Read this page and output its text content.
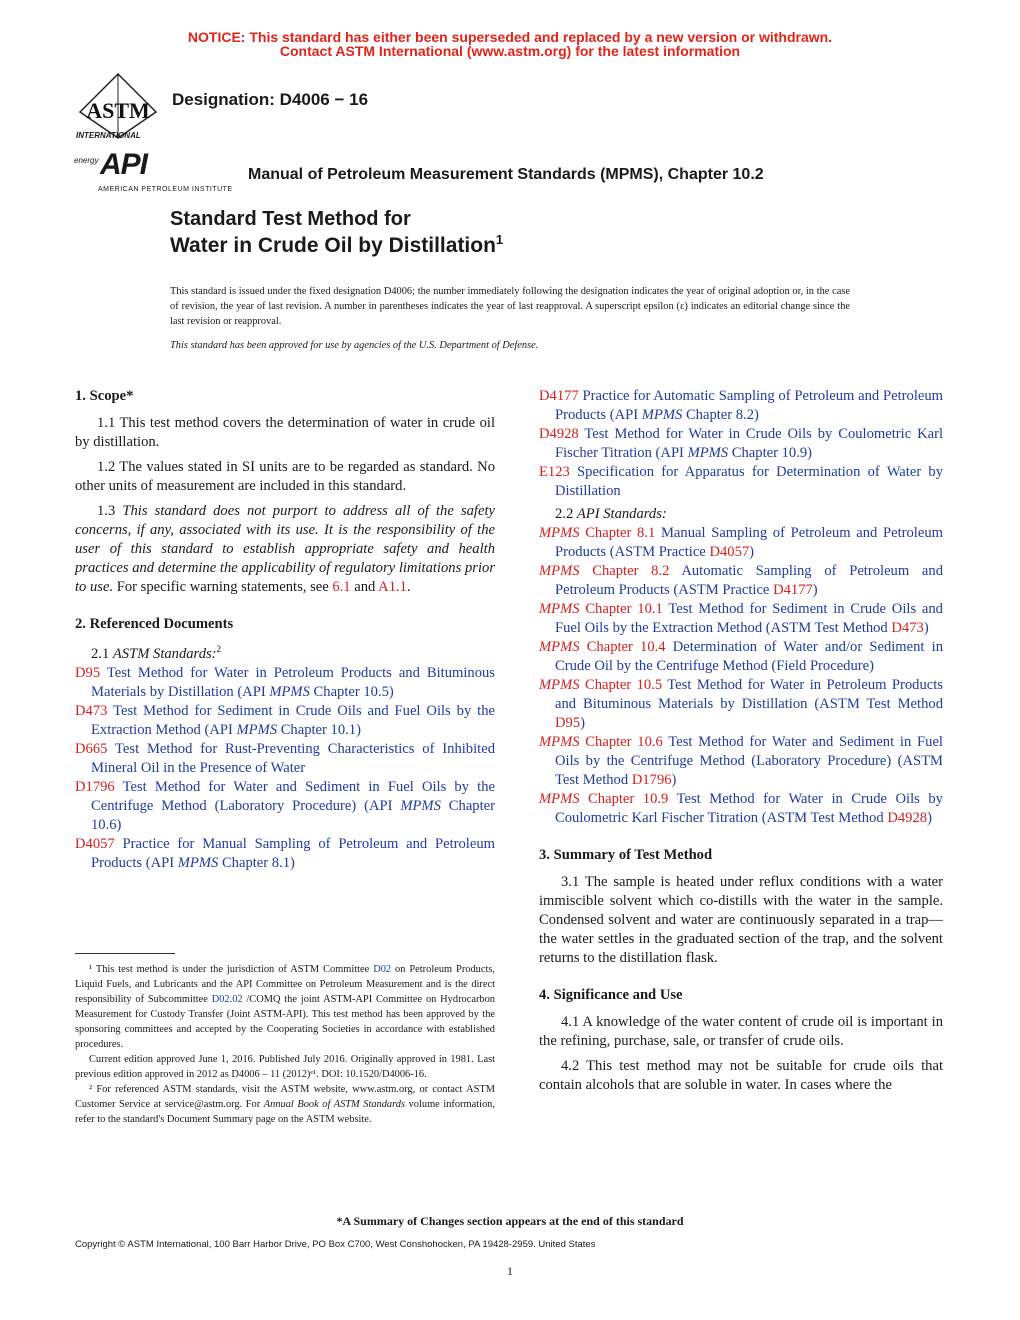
NOTICE: This standard has either been superseded and replaced by a new version or withdrawn.
Contact ASTM International (www.astm.org) for the latest information
ASTM
INTERNATIONAL
Designation: D4006 − 16
energy API
AMERICAN PETROLEUM INSTITUTE
Manual of Petroleum Measurement Standards (MPMS), Chapter 10.2
Standard Test Method for
Water in Crude Oil by Distillation$^1$
This standard is issued under the fixed designation D4006; the number immediately following the designation indicates the year of original adoption or, in the case of revision, the year of last revision. A number in parentheses indicates the year of last reapproval. A superscript epsilon (ε) indicates an editorial change since the last revision or reapproval.
This standard has been approved for use by agencies of the U.S. Department of Defense.
1. Scope*

1.1 This test method covers the determination of water in crude oil by distillation.

1.2 The values stated in SI units are to be regarded as standard. No other units of measurement are included in this standard.

1.3 This standard does not purport to address all of the safety concerns, if any, associated with its use. It is the responsibility of the user of this standard to establish appropriate safety and health practices and determine the applicability of regulatory limitations prior to use. For specific warning statements, see 6.1 and A1.1.

2. Referenced Documents

2.1 ASTM Standards:$^2$

D95 Test Method for Water in Petroleum Products and Bituminous Materials by Distillation (API MPMS Chapter 10.5)

D473 Test Method for Sediment in Crude Oils and Fuel Oils by the Extraction Method (API MPMS Chapter 10.1)

D665 Test Method for Rust-Preventing Characteristics of Inhibited Mineral Oil in the Presence of Water

D1796 Test Method for Water and Sediment in Fuel Oils by the Centrifuge Method (Laboratory Procedure) (API MPMS Chapter 10.6)

D4057 Practice for Manual Sampling of Petroleum and Petroleum Products (API MPMS Chapter 8.1)

¹ This test method is under the jurisdiction of ASTM Committee D02 on Petroleum Products, Liquid Fuels, and Lubricants and the API Committee on Petroleum Measurement and is the direct responsibility of Subcommittee D02.02 /COMQ the joint ASTM-API Committee on Hydrocarbon Measurement for Custody Transfer (Joint ASTM-API). This test method has been approved by the sponsoring committees and accepted by the Cooperating Societies in accordance with established procedures.

Current edition approved June 1, 2016. Published July 2016. Originally approved in 1981. Last previous edition approved in 2012 as D4006 – 11 (2012)ᵉ¹. DOI: 10.1520/D4006-16.

² For referenced ASTM standards, visit the ASTM website, www.astm.org, or contact ASTM Customer Service at service@astm.org. For Annual Book of ASTM Standards volume information, refer to the standard's Document Summary page on the ASTM website.

D4177 Practice for Automatic Sampling of Petroleum and Petroleum Products (API MPMS Chapter 8.2)

D4928 Test Method for Water in Crude Oils by Coulometric Karl Fischer Titration (API MPMS Chapter 10.9)

E123 Specification for Apparatus for Determination of Water by Distillation

2.2 API Standards:

MPMS Chapter 8.1 Manual Sampling of Petroleum and Petroleum Products (ASTM Practice D4057)

MPMS Chapter 8.2 Automatic Sampling of Petroleum and Petroleum Products (ASTM Practice D4177)

MPMS Chapter 10.1 Test Method for Sediment in Crude Oils and Fuel Oils by the Extraction Method (ASTM Test Method D473)

MPMS Chapter 10.4 Determination of Water and/or Sediment in Crude Oil by the Centrifuge Method (Field Procedure)

MPMS Chapter 10.5 Test Method for Water in Petroleum Products and Bituminous Materials by Distillation (ASTM Test Method D95)

MPMS Chapter 10.6 Test Method for Water and Sediment in Fuel Oils by the Centrifuge Method (Laboratory Procedure) (ASTM Test Method D1796)

MPMS Chapter 10.9 Test Method for Water in Crude Oils by Coulometric Karl Fischer Titration (ASTM Test Method D4928)

3. Summary of Test Method

3.1 The sample is heated under reflux conditions with a water immiscible solvent which co-distills with the water in the sample. Condensed solvent and water are continuously separated in a trap—the water settles in the graduated section of the trap, and the solvent returns to the distillation flask.

4. Significance and Use

4.1 A knowledge of the water content of crude oil is important in the refining, purchase, sale, or transfer of crude oils.

4.2 This test method may not be suitable for crude oils that contain alcohols that are soluble in water. In cases where the

*A Summary of Changes section appears at the end of this standard
Copyright © ASTM International, 100 Barr Harbor Drive, PO Box C700, West Conshohocken, PA 19428-2959. United States
1
